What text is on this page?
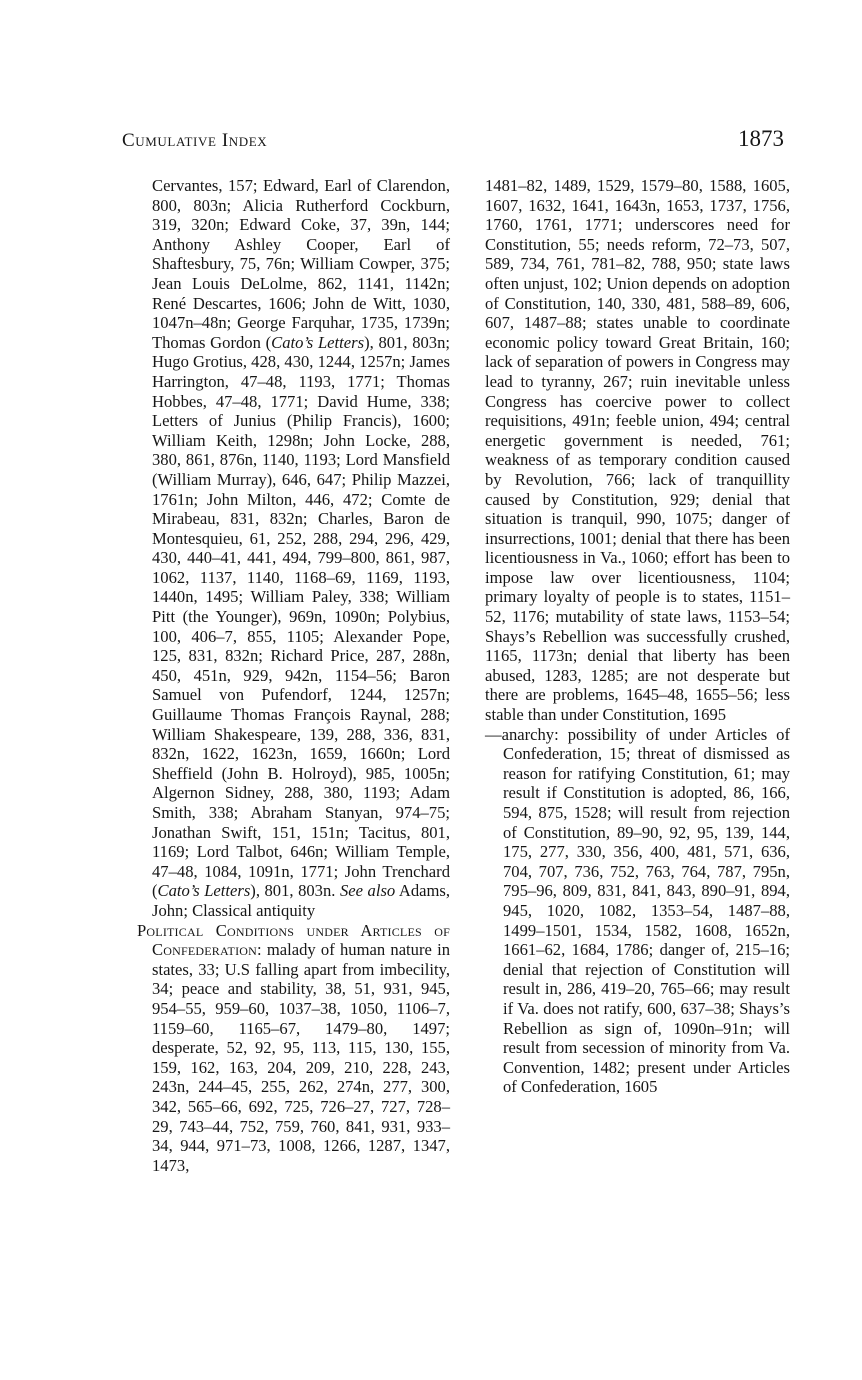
Cumulative Index	1873

Cervantes, 157; Edward, Earl of Clarendon, 800, 803n; Alicia Rutherford Cockburn, 319, 320n; Edward Coke, 37, 39n, 144; Anthony Ashley Cooper, Earl of Shaftesbury, 75, 76n; William Cowper, 375; Jean Louis DeLolme, 862, 1141, 1142n; René Descartes, 1606; John de Witt, 1030, 1047n–48n; George Farquhar, 1735, 1739n; Thomas Gordon (Cato’s Letters), 801, 803n; Hugo Grotius, 428, 430, 1244, 1257n; James Harrington, 47–48, 1193, 1771; Thomas Hobbes, 47–48, 1771; David Hume, 338; Letters of Junius (Philip Francis), 1600; William Keith, 1298n; John Locke, 288, 380, 861, 876n, 1140, 1193; Lord Mansfield (William Murray), 646, 647; Philip Mazzei, 1761n; John Milton, 446, 472; Comte de Mirabeau, 831, 832n; Charles, Baron de Montesquieu, 61, 252, 288, 294, 296, 429, 430, 440–41, 441, 494, 799–800, 861, 987, 1062, 1137, 1140, 1168–69, 1169, 1193, 1440n, 1495; William Paley, 338; William Pitt (the Younger), 969n, 1090n; Polybius, 100, 406–7, 855, 1105; Alexander Pope, 125, 831, 832n; Richard Price, 287, 288n, 450, 451n, 929, 942n, 1154–56; Baron Samuel von Pufendorf, 1244, 1257n; Guillaume Thomas François Raynal, 288; William Shakespeare, 139, 288, 336, 831, 832n, 1622, 1623n, 1659, 1660n; Lord Sheffield (John B. Holroyd), 985, 1005n; Algernon Sidney, 288, 380, 1193; Adam Smith, 338; Abraham Stanyan, 974–75; Jonathan Swift, 151, 151n; Tacitus, 801, 1169; Lord Talbot, 646n; William Temple, 47–48, 1084, 1091n, 1771; John Trenchard (Cato’s Letters), 801, 803n. See also Adams, John; Classical antiquity

Political Conditions under Articles of Confederation: malady of human nature in states, 33; U.S falling apart from imbecility, 34; peace and stability, 38, 51, 931, 945, 954–55, 959–60, 1037–38, 1050, 1106–7, 1159–60, 1165–67, 1479–80, 1497; desperate, 52, 92, 95, 113, 115, 130, 155, 159, 162, 163, 204, 209, 210, 228, 243, 243n, 244–45, 255, 262, 274n, 277, 300, 342, 565–66, 692, 725, 726–27, 727, 728–29, 743–44, 752, 759, 760, 841, 931, 933–34, 944, 971–73, 1008, 1266, 1287, 1347, 1473,

1481–82, 1489, 1529, 1579–80, 1588, 1605, 1607, 1632, 1641, 1643n, 1653, 1737, 1756, 1760, 1761, 1771; underscores need for Constitution, 55; needs reform, 72–73, 507, 589, 734, 761, 781–82, 788, 950; state laws often unjust, 102; Union depends on adoption of Constitution, 140, 330, 481, 588–89, 606, 607, 1487–88; states unable to coordinate economic policy toward Great Britain, 160; lack of separation of powers in Congress may lead to tyranny, 267; ruin inevitable unless Congress has coercive power to collect requisitions, 491n; feeble union, 494; central energetic government is needed, 761; weakness of as temporary condition caused by Revolution, 766; lack of tranquillity caused by Constitution, 929; denial that situation is tranquil, 990, 1075; danger of insurrections, 1001; denial that there has been licentiousness in Va., 1060; effort has been to impose law over licentiousness, 1104; primary loyalty of people is to states, 1151–52, 1176; mutability of state laws, 1153–54; Shays’s Rebellion was successfully crushed, 1165, 1173n; denial that liberty has been abused, 1283, 1285; are not desperate but there are problems, 1645–48, 1655–56; less stable than under Constitution, 1695

—anarchy: possibility of under Articles of Confederation, 15; threat of dismissed as reason for ratifying Constitution, 61; may result if Constitution is adopted, 86, 166, 594, 875, 1528; will result from rejection of Constitution, 89–90, 92, 95, 139, 144, 175, 277, 330, 356, 400, 481, 571, 636, 704, 707, 736, 752, 763, 764, 787, 795n, 795–96, 809, 831, 841, 843, 890–91, 894, 945, 1020, 1082, 1353–54, 1487–88, 1499–1501, 1534, 1582, 1608, 1652n, 1661–62, 1684, 1786; danger of, 215–16; denial that rejection of Constitution will result in, 286, 419–20, 765–66; may result if Va. does not ratify, 600, 637–38; Shays’s Rebellion as sign of, 1090n–91n; will result from secession of minority from Va. Convention, 1482; present under Articles of Confederation, 1605
